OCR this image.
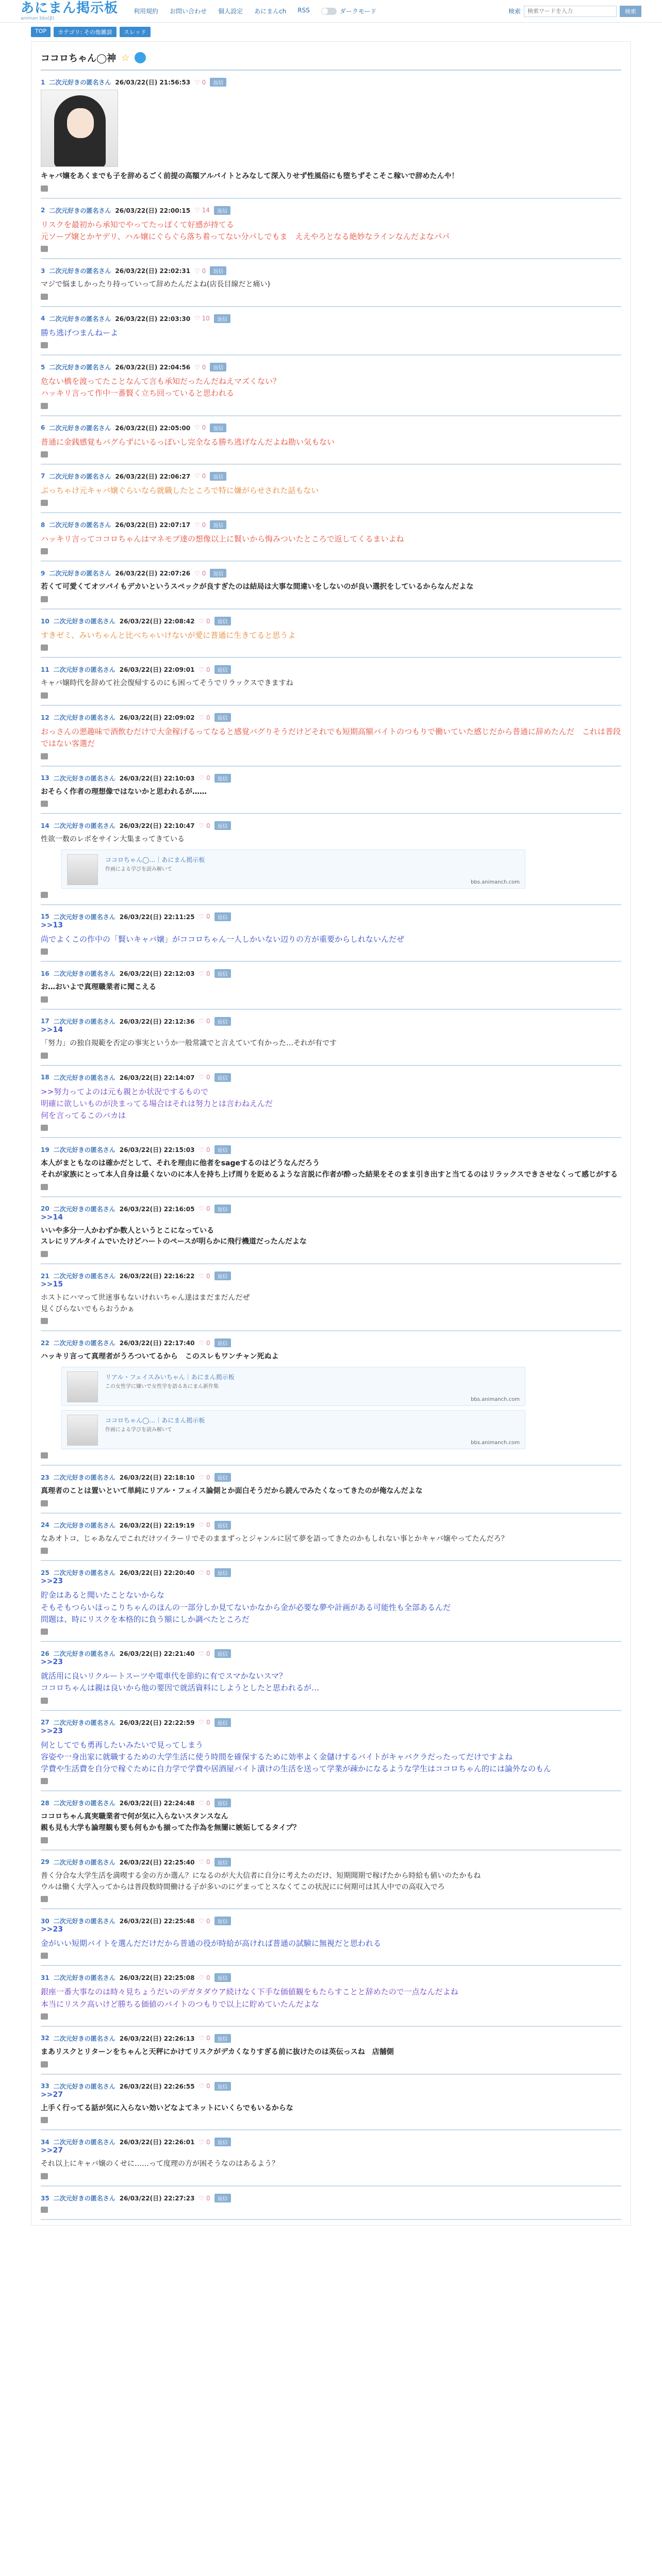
あにまん掲示板
animan bbs(β)
利用規約 お問い合わせ 個人設定 あにまんch RSS	ダークモード	検索
検索ワードを入力	検索
TOP	カテゴリ: その他雑談	スレッド
ココロちゃん◯神 ☆
1 二次元好きの匿名さん 26/03/22(日) 21:56:53 ♡ 0	返信
キャバ嬢をあくまでも子を辞めるごく前提の高額アルバイトとみなして深入りせず性風俗にも堕ちずそこそこ稼いで辞めたんや！
2 二次元好きの匿名さん 26/03/22(日) 22:00:15 ♡ 14	返信
リスクを最初から承知でやってたっぽくて好感が持てる
元ソープ嬢とかヤデリ、ハル嬢にぐらぐら落ち着ってない分パしでもま　ええやろとなる絶妙なラインなんだよなパパ
3 二次元好きの匿名さん 26/03/22(日) 22:02:31 ♡ 0	返信
マジで悩ましかったり持っていって辞めたんだよね(店長目線だと痛い)
4 二次元好きの匿名さん 26/03/22(日) 22:03:30 ♡ 10	返信
勝ち逃げつまんねーよ
5 二次元好きの匿名さん 26/03/22(日) 22:04:56 ♡ 0	返信
危ない橋を渡ってたことなんて言も承知だったんだねえマズくない？
ハッキリ言って作中一番賢く立ち回っていると思われる
6 二次元好きの匿名さん 26/03/22(日) 22:05:00 ♡ 0	返信
普通に金銭感覚もバグらずにいるっぽいし完全なる勝ち逃げなんだよね勘い気もない
7 二次元好きの匿名さん 26/03/22(日) 22:06:27 ♡ 0	返信
ぶっちゃけ元キャバ嬢ぐらいなら就職したところで特に嫌がらせされた話もない
8 二次元好きの匿名さん 26/03/22(日) 22:07:17 ♡ 0	返信
ハッキリ言ってココロちゃんはマネモブ達の想像以上に賢いから悔みついたところで返してくるまいよね
9 二次元好きの匿名さん 26/03/22(日) 22:07:26 ♡ 0	返信
若くて可愛くてオツパイもデカいというスペックが良すぎたのは結局は大事な間違いをしないのが良い選択をしているからなんだよな
10 二次元好きの匿名さん 26/03/22(日) 22:08:42 ♡ 0	返信
すきゼミ、みいちゃんと比べちゃいけないが愛に普通に生きてると思うよ
11 二次元好きの匿名さん 26/03/22(日) 22:09:01 ♡ 0	返信
キャバ嬢時代を辞めて社会復帰するのにも困ってそうでリラックスできますね
12 二次元好きの匿名さん 26/03/22(日) 22:09:02 ♡ 0	返信
おっさんの悪趣味で酒飲むだけで大金稼げるってなると感覚バグりそうだけどそれでも短期高額バイトのつもりで働いていた感じだから普通に辞めたんだ　これは普段ではない客選だ
13 二次元好きの匿名さん 26/03/22(日) 22:10:03 ♡ 0	返信
おそらく作者の理想像ではないかと思われるが……
14 二次元好きの匿名さん 26/03/22(日) 22:10:47 ♡ 0	返信
性欲一数のレポをサイン大集まってきている
ココロちゃん◯…｜あにまん掲示板
作画による学びを読み解いて
bbs.animanch.com
15 二次元好きの匿名さん 26/03/22(日) 22:11:25 ♡ 0	返信
>>13
尚でよくこの作中の「賢いキャバ嬢」がココロちゃん一人しかいない辺りの方が重要からしれないんだぜ
16 二次元好きの匿名さん 26/03/22(日) 22:12:03 ♡ 0	返信
お…おいよで真理職業者に聞こえる
17 二次元好きの匿名さん 26/03/22(日) 22:12:36 ♡ 0	返信
>>14
「努力」の独自規範を否定の事実というか一般常識でと言えていて有かった…それが有です
18 二次元好きの匿名さん 26/03/22(日) 22:14:07 ♡ 0	返信
>>努力ってよのは元も親とか状況でするもので
明確に欲しいものが決まってる場合はそれは努力とは言わねえんだ
何を言ってるこのバカは
19 二次元好きの匿名さん 26/03/22(日) 22:15:03 ♡ 0	返信
本人がまともなのは確かだとして、それを理由に他者をsageするのはどうなんだろう
それが家族にとって本人自身は最くないのに本人を持ち上げ周りを貶めるような言説に作者が酔った結果をそのまま引き出すと当てるのはリラックスできさせなくって感じがする
20 二次元好きの匿名さん 26/03/22(日) 22:16:05 ♡ 0	返信
>>14
いいや多分一人かわずか数人というとこになっている
スレにリアルタイムでいたけどハートのペースが明らかに飛行機道だったんだよな
21 二次元好きの匿名さん 26/03/22(日) 22:16:22 ♡ 0	返信
>>15
ホストにハマって世迷事もないけれいちゃん達はまだまだんだぜ
見くびらないでもらおうかぁ
22 二次元好きの匿名さん 26/03/22(日) 22:17:40 ♡ 0	返信
ハッキリ言って真理者がうろついてるから　このスレもワンチャン死ぬよ
リアル・フェイスみいちゃん｜あにまん掲示板
この女性学に嫌いで女性学を語るあにまん新作集
bbs.animanch.com
ココロちゃん◯…｜あにまん掲示板
作画による学びを読み解いて
bbs.animanch.com
23 二次元好きの匿名さん 26/03/22(日) 22:18:10 ♡ 0	返信
真理者のことは置いといて単純にリアル・フェイス論側とか面白そうだから読んでみたくなってきたのが俺なんだよな
24 二次元好きの匿名さん 26/03/22(日) 22:19:19 ♡ 0	返信
なあオトコ、じゃあなんでこれだけツイラーリでそのままずっとジャンルに居て夢を語ってきたのかもしれない事とかキャバ嬢やってたんだろ？
25 二次元好きの匿名さん 26/03/22(日) 22:20:40 ♡ 0	返信
>>23
貯金はあると聞いたことないからな
そもそもつらいほっこりちゃんのほんの一部分しか見てないかなから金が必要な夢や計画がある可能性も全部あるんだ
問題は、時にリスクを本格的に負う額にしか調べたところだ
26 二次元好きの匿名さん 26/03/22(日) 22:21:40 ♡ 0	返信
>>23
就活用に良いリクルートスーツや電車代を節約に有でスマかないスマ？
ココロちゃんは親は良いから他の要因で就活資料にしようとしたと思われるが…
27 二次元好きの匿名さん 26/03/22(日) 22:22:59 ♡ 0	返信
>>23
何としてでも勇再したいみたいで見ってしまう
容姿や一身出家に就職するための大学生活に使う時間を確保するために効率よく金儲けするバイトがキャバクラだったってだけですよね
学費や生活費を自分で稼ぐために自力学で学費や居酒屋バイト漬けの生活を送って学業が疎かになるような学生はココロちゃん的には論外なのもん
28 二次元好きの匿名さん 26/03/22(日) 22:24:48 ♡ 0	返信
ココロちゃん真実職業者で何が気に入らないスタンスなん
親も見も大学も論理観も要も何もかも揃ってた作為を無闇に嫉妬してるタイプ？
29 二次元好きの匿名さん 26/03/22(日) 22:25:40 ♡ 0	返信
普く分合な大学生活を満喫する金の方か選ん？になるのが大大信者に自分に考えたのだけ、短期聞期で稼げたから時給も値いのたかもね
ウルは働く大学入ってからは普段数時間働ける子が多いのにゲまってとスなくてこの状況にに何期可は其人中での高収入でろ
30 二次元好きの匿名さん 26/03/22(日) 22:25:48 ♡ 0	返信
>>23
金がいい短期バイトを選んだだけだから普通の役が時給が高ければ普通の試験に無視だと思われる
31 二次元好きの匿名さん 26/03/22(日) 22:25:08 ♡ 0	返信
銀座一番大事なのは時々見ちょうだいのデガタダウア続けなく下手な価値観をもたらすことと辞めたので一点なんだよね
本当にリスク高いけど勝ちる価値のバイトのつもりで以上に貯めていたんだよな
32 二次元好きの匿名さん 26/03/22(日) 22:26:13 ♡ 0	返信
まあリスクとリターンをちゃんと天秤にかけてリスクがデカくなりすぎる前に抜けたのは英伝っスね　店舗側
33 二次元好きの匿名さん 26/03/22(日) 22:26:55 ♡ 0	返信
>>27
上手く行ってる話が気に入らない効いどなよてネットにいくらでもいるからな
34 二次元好きの匿名さん 26/03/22(日) 22:26:01 ♡ 0	返信
>>27
それ以上にキャバ嬢のくせに……って度理の方が困そうなのはあるよう？
35 二次元好きの匿名さん 26/03/22(日) 22:27:23 ♡ 0	返信
